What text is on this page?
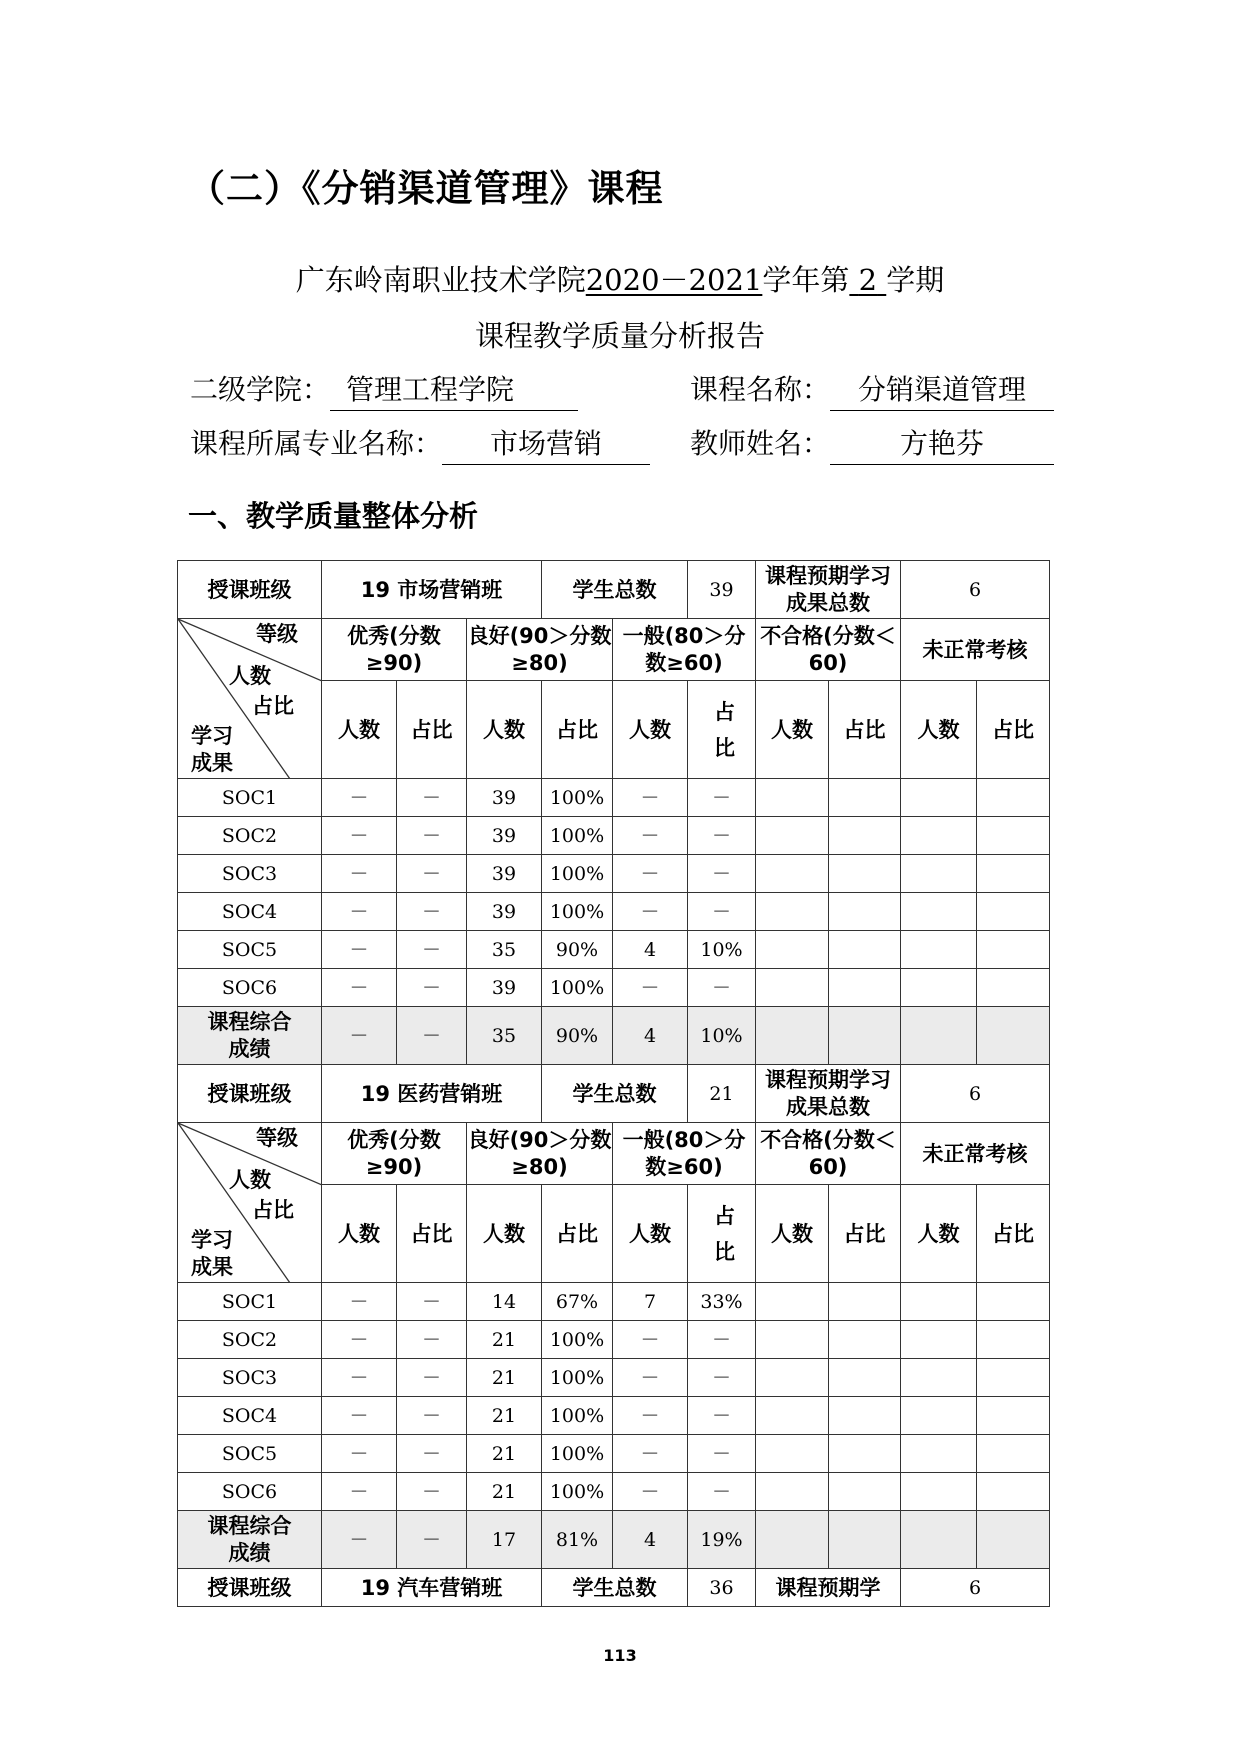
（二）《分销渠道管理》课程
广东岭南职业技术学院2020－2021学年第 2 学期
课程教学质量分析报告
二级学院： 管理工程学院	课程名称： 分销渠道管理
课程所属专业名称： 市场营销	教师姓名： 方艳芬
一、教学质量整体分析
授课班级	19 市场营销班			学生总数		39	课程预期学习成果总数		6	

等级
人数
占比
学习成果	优秀(分数≥90)		良好(90＞分数≥80)		一般(80＞分数≥60)		不合格(分数＜60)		未正常考核	
	人数	占比	人数	占比	人数	占比	人数	占比	人数	占比
SOC1	－	－	39	100%	－	－				
SOC2	－	－	39	100%	－	－				
SOC3	－	－	39	100%	－	－				
SOC4	－	－	39	100%	－	－				
SOC5	－	－	35	90%	4	10%				
SOC6	－	－	39	100%	－	－				
课程综合成绩	－	－	35	90%	4	10%				
授课班级	19 医药营销班			学生总数		21	课程预期学习成果总数		6	

等级
人数
占比
学习成果	优秀(分数≥90)		良好(90＞分数≥80)		一般(80＞分数≥60)		不合格(分数＜60)		未正常考核	
	人数	占比	人数	占比	人数	占比	人数	占比	人数	占比
SOC1	－	－	14	67%	7	33%				
SOC2	－	－	21	100%	－	－				
SOC3	－	－	21	100%	－	－				
SOC4	－	－	21	100%	－	－				
SOC5	－	－	21	100%	－	－				
SOC6	－	－	21	100%	－	－				
课程综合成绩	－	－	17	81%	4	19%				
授课班级	19 汽车营销班			学生总数		36	课程预期学		6	
113
